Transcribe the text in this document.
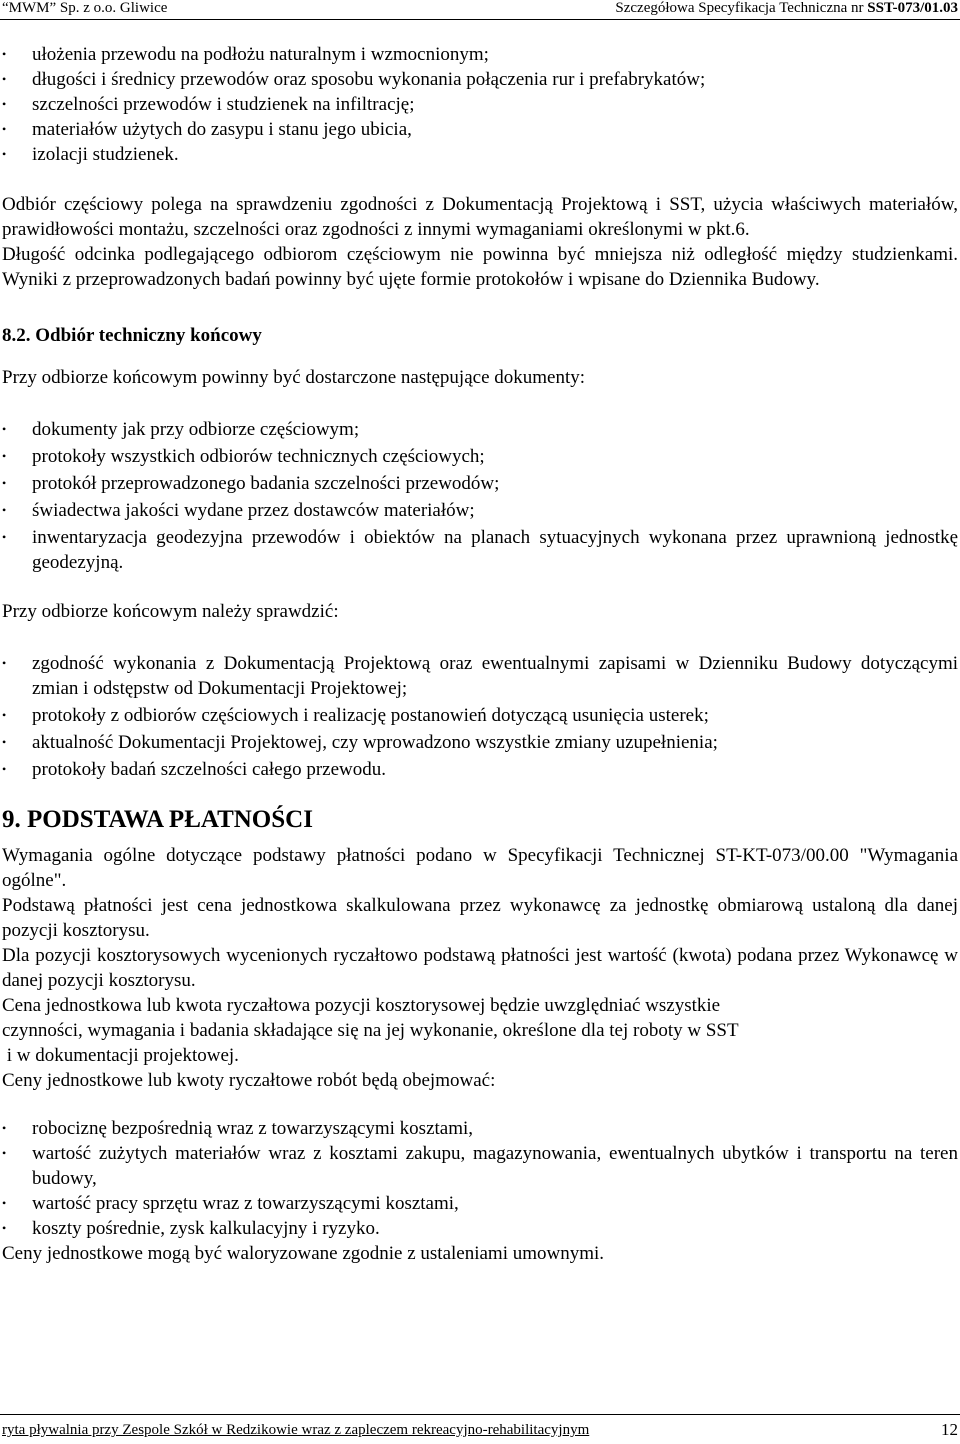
“MWM” Sp. z o.o. Gliwice	Szczegółowa Specyfikacja Techniczna nr SST-073/01.03
• ułożenia przewodu na podłożu naturalnym i wzmocnionym;
• długości i średnicy przewodów oraz sposobu wykonania połączenia rur i prefabrykatów;
• szczelności przewodów i studzienek na infiltrację;
• materiałów użytych do zasypu i stanu jego ubicia,
• izolacji studzienek.

Odbiór częściowy polega na sprawdzeniu zgodności z Dokumentacją Projektową i SST, użycia właściwych materiałów, prawidłowości montażu, szczelności oraz zgodności z innymi wymaganiami określonymi w pkt.6.

Długość odcinka podlegającego odbiorom częściowym nie powinna być mniejsza niż odległość między studzienkami. Wyniki z przeprowadzonych badań powinny być ujęte formie protokołów i wpisane do Dziennika Budowy.

8.2. Odbiór techniczny końcowy

Przy odbiorze końcowym powinny być dostarczone następujące dokumenty:

• dokumenty jak przy odbiorze częściowym;
• protokoły wszystkich odbiorów technicznych częściowych;
• protokół przeprowadzonego badania szczelności przewodów;
• świadectwa jakości wydane przez dostawców materiałów;
• inwentaryzacja geodezyjna przewodów i obiektów na planach sytuacyjnych wykonana przez uprawnioną jednostkę geodezyjną.

Przy odbiorze końcowym należy sprawdzić:

• zgodność wykonania z Dokumentacją Projektową oraz ewentualnymi zapisami w Dzienniku Budowy dotyczącymi zmian i odstępstw od Dokumentacji Projektowej;
• protokoły z odbiorów częściowych i realizację postanowień dotyczącą usunięcia usterek;
• aktualność Dokumentacji Projektowej, czy wprowadzono wszystkie zmiany uzupełnienia;
• protokoły badań szczelności całego przewodu.

9. PODSTAWA PŁATNOŚCI

Wymagania ogólne dotyczące podstawy płatności podano w Specyfikacji Technicznej ST-KT-073/00.00 "Wymagania ogólne".

Podstawą płatności jest cena jednostkowa skalkulowana przez wykonawcę za jednostkę obmiarową ustaloną dla danej pozycji kosztorysu.

Dla pozycji kosztorysowych wycenionych ryczałtowo podstawą płatności jest wartość (kwota) podana przez Wykonawcę w danej pozycji kosztorysu.

Cena jednostkowa lub kwota ryczałtowa pozycji kosztorysowej będzie uwzględniać wszystkie

czynności, wymagania i badania składające się na jej wykonanie, określone dla tej roboty w SST

i w dokumentacji projektowej.

Ceny jednostkowe lub kwoty ryczałtowe robót będą obejmować:

• robociznę bezpośrednią wraz z towarzyszącymi kosztami,
• wartość zużytych materiałów wraz z kosztami zakupu, magazynowania, ewentualnych ubytków i transportu na teren budowy,
• wartość pracy sprzętu wraz z towarzyszącymi kosztami,
• koszty pośrednie, zysk kalkulacyjny i ryzyko.

Ceny jednostkowe mogą być waloryzowane zgodnie z ustaleniami umownymi.

ryta pływalnia przy Zespole Szkół w Redzikowie wraz z zapleczem rekreacyjno-rehabilitacyjnym	12
